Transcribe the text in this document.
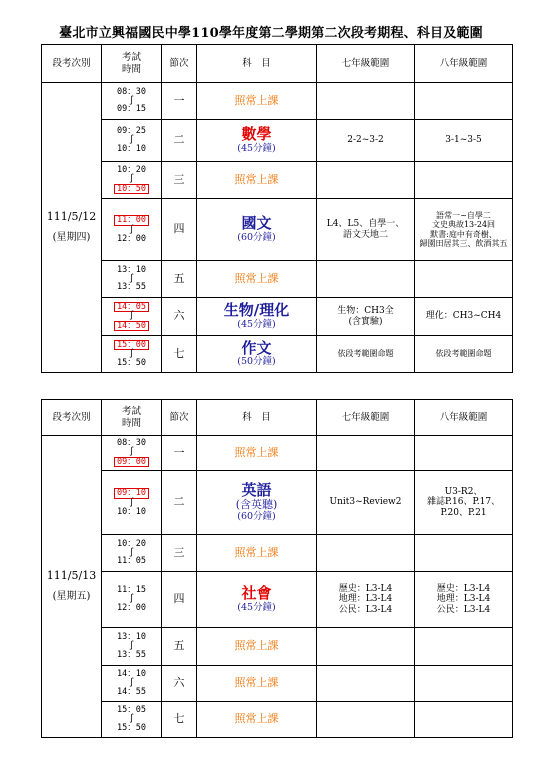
臺北市立興福國民中學110學年度第二學期第二次段考期程、科目及範圍
段考次別	考試
時間	節次	科　目	七年級範圍	八年級範圍
111/5/12
(星期四)	08：30
∫
09：15	一	照常上課		

	09：25
∫
10：10	二	數學
(45分鐘)	2-2~3-2	3-1~3-5

	10：20
∫
10：50	三	照常上課		

	11：00
∫
12：00	四	國文
(60分鐘)	L4、L5、自學一、語文天地二	語常一~自學二
文史典故13-24回
默書:庭中有奇樹、
歸園田居其三、飲酒其五

	13：10
∫
13：55	五	照常上課		

	14：05
∫
14：50	六	生物/理化
(45分鐘)	生物：CH3全
(含實驗)	理化：CH3~CH4

	15：00
∫
15：50	七	作文
(50分鐘)	依段考範圍命題	依段考範圍命題
段考次別	考試
時間	節次	科　目	七年級範圍	八年級範圍
111/5/13
(星期五)	08：30
∫
09：00	一	照常上課		

	09：10
∫
10：10	二	英語
(含英聽)
(60分鐘)	Unit3~Review2	U3-R2、
雜誌P.16、P.17、
P.20、P.21

	10：20
∫
11：05	三	照常上課		

	11：15
∫
12：00	四	社會
(45分鐘)	歷史：L3-L4
地理：L3-L4
公民：L3-L4	歷史：L3-L4
地理：L3-L4
公民：L3-L4

	13：10
∫
13：55	五	照常上課		

	14：10
∫
14：55	六	照常上課		

	15：05
∫
15：50	七	照常上課		
